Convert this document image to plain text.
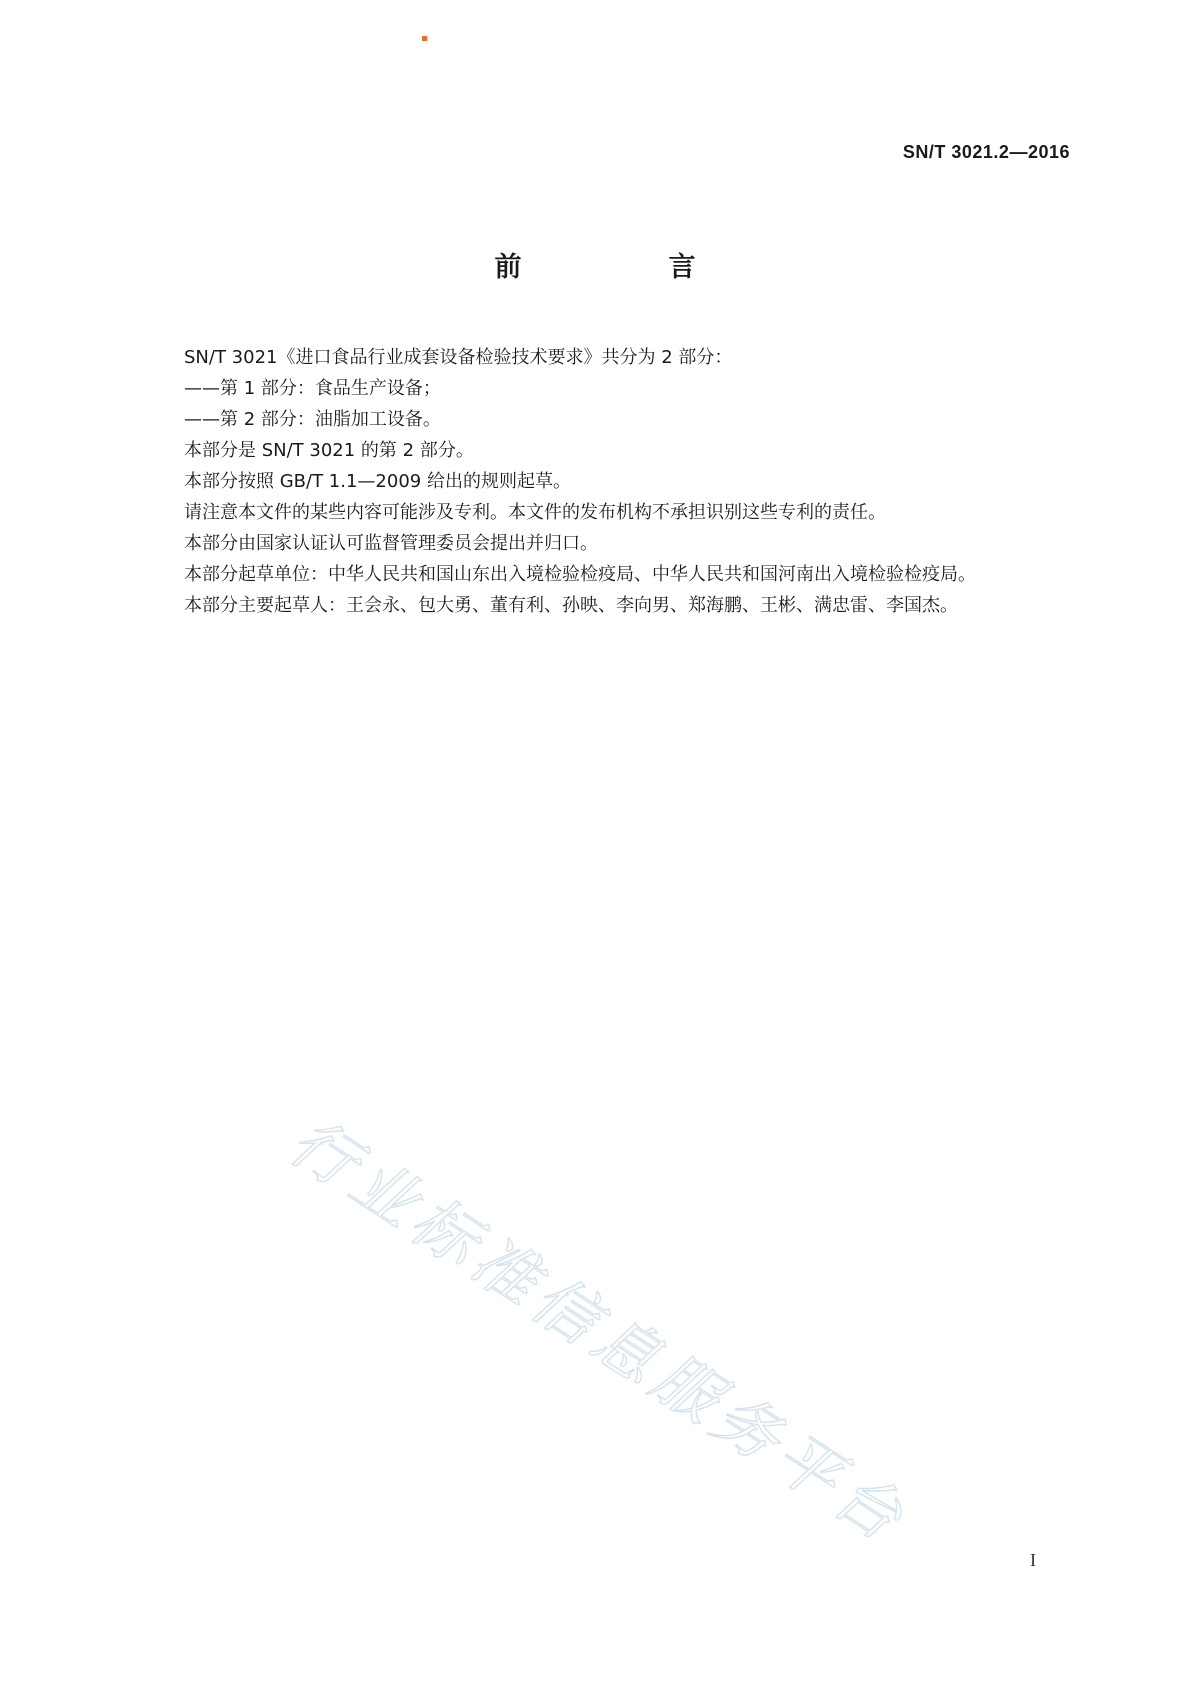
SN/T 3021.2—2016
前　言

SN/T 3021《进口食品行业成套设备检验技术要求》共分为 2 部分：

——第 1 部分：食品生产设备；

——第 2 部分：油脂加工设备。

本部分是 SN/T 3021 的第 2 部分。

本部分按照 GB/T 1.1—2009 给出的规则起草。

请注意本文件的某些内容可能涉及专利。本文件的发布机构不承担识别这些专利的责任。

本部分由国家认证认可监督管理委员会提出并归口。

本部分起草单位：中华人民共和国山东出入境检验检疫局、中华人民共和国河南出入境检验检疫局。

本部分主要起草人：王会永、包大勇、董有利、孙映、李向男、郑海鹏、王彬、满忠雷、李国杰。

行业标准信息服务平台
I
